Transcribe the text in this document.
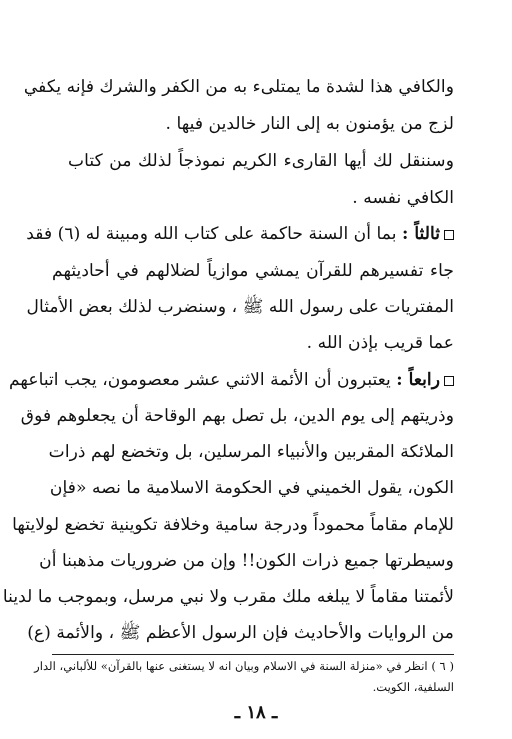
والكافي هذا لشدة ما يمتلىء به من الكفر والشرك فإنه يكفي
لزج من يؤمنون به إلى النار خالدين فيها .
وسننقل لك أيها القارىء الكريم نموذجاً لذلك من كتاب
الكافي نفسه .
ثالثاً : بما أن السنة حاكمة على كتاب الله ومبينة له (٦) فقد
جاء تفسيرهم للقرآن يمشي موازياً لضلالهم في أحاديثهم
المفتريات على رسول الله ﷺ ، وسنضرب لذلك بعض الأمثال
عما قريب بإذن الله .
رابعاً : يعتبرون أن الأئمة الاثني عشر معصومون، يجب اتباعهم
وذريتهم إلى يوم الدين، بل تصل بهم الوقاحة أن يجعلوهم فوق
الملائكة المقربين والأنبياء المرسلين، بل وتخضع لهم ذرات
الكون، يقول الخميني في الحكومة الاسلامية ما نصه «فإن
للإمام مقاماً محموداً ودرجة سامية وخلافة تكوينية تخضع لولايتها
وسيطرتها جميع ذرات الكون!! وإن من ضروريات مذهبنا أن
لأئمتنا مقاماً لا يبلغه ملك مقرب ولا نبي مرسل، وبموجب ما لدينا
من الروايات والأحاديث فإن الرسول الأعظم ﷺ ، والأئمة (ع)
( ٦ ) انظر في «منزلة السنة في الاسلام وبيان انه لا يستغنى عنها بالقرآن» للألباني، الدار
السلفية، الكويت.
ـ ١٨ ـ
